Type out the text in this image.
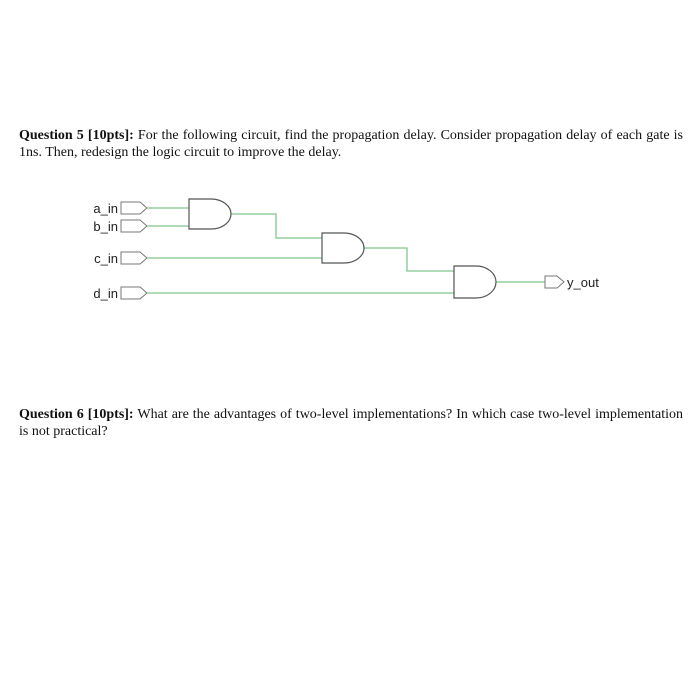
Question 5 [10pts]: For the following circuit, find the propagation delay. Consider propagation delay of each gate is 1ns. Then, redesign the logic circuit to improve the delay.
a_in
b_in
c_in
d_in
y_out
Question 6 [10pts]: What are the advantages of two-level implementations? In which case two-level implementation is not practical?
